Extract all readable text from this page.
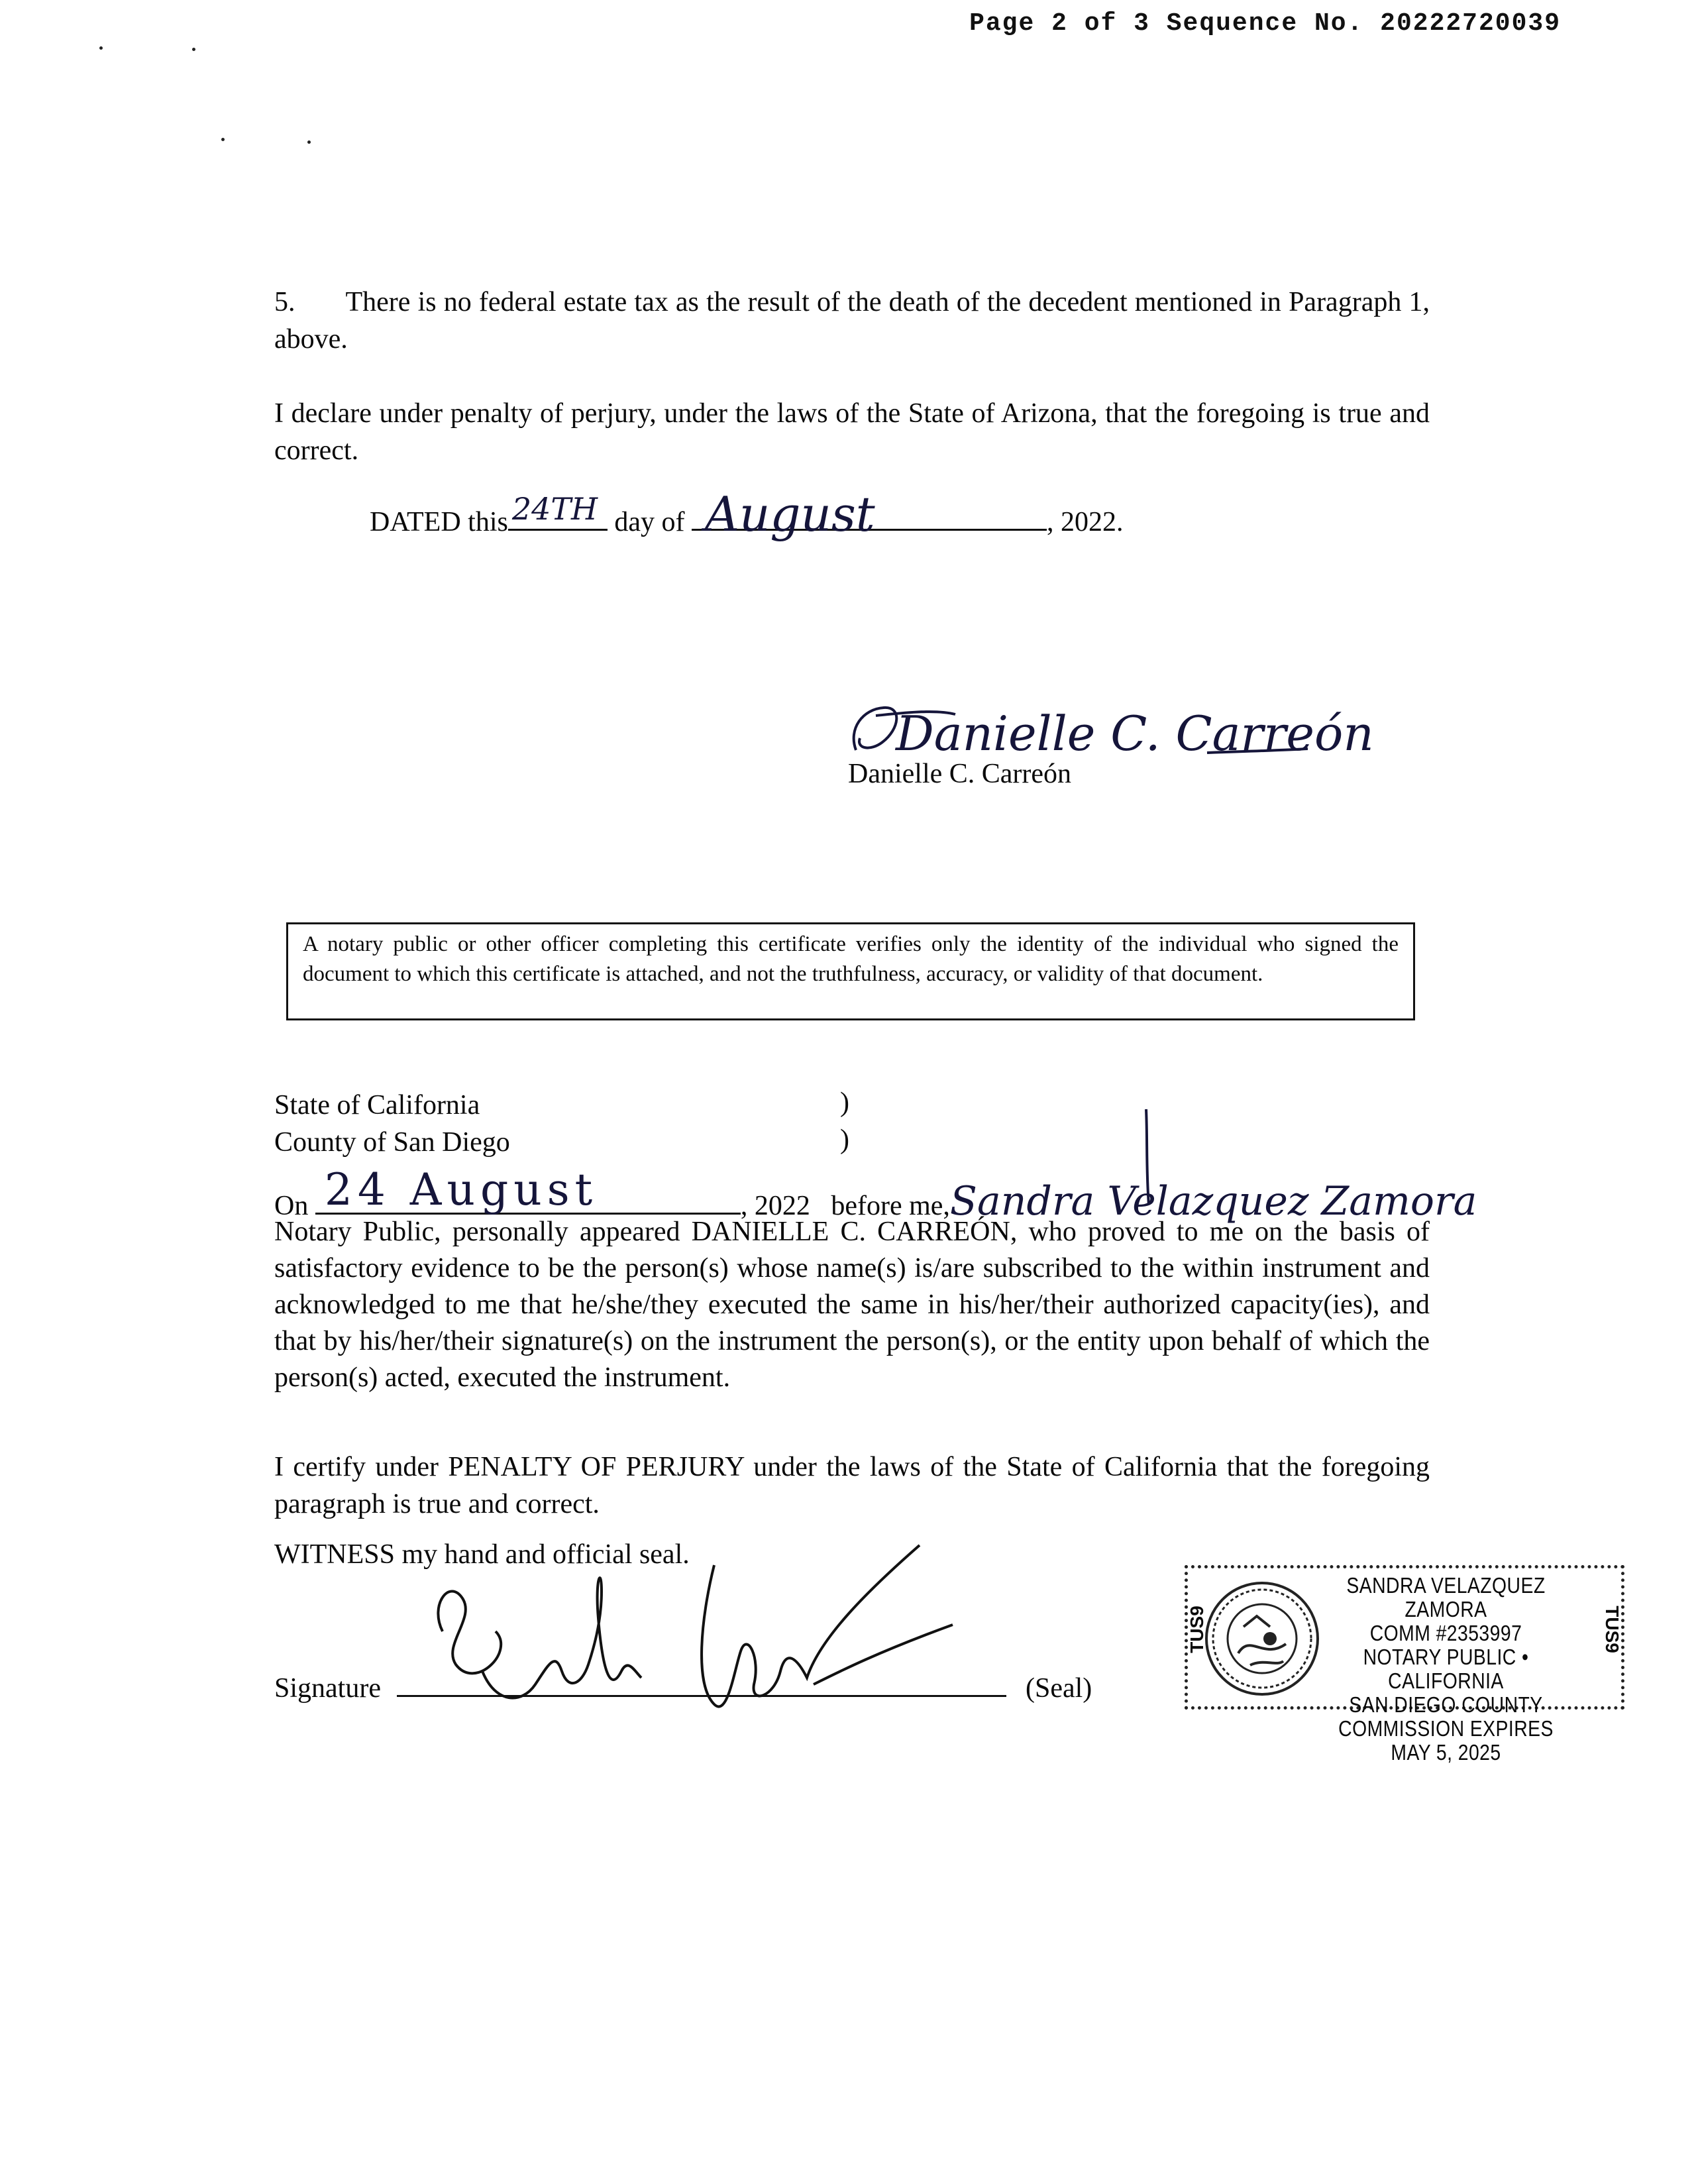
Page 2 of 3 Sequence No. 20222720039
5. There is no federal estate tax as the result of the death of the decedent mentioned in Paragraph 1, above.
I declare under penalty of perjury, under the laws of the State of Arizona, that the foregoing is true and correct.
DATED this 24TH day of August	, 2022.
Danielle C. Carreón
Danielle C. Carreón
A notary public or other officer completing this certificate verifies only the identity of the individual who signed the document to which this certificate is attached, and not the truthfulness, accuracy, or validity of that document.
State of California
County of San Diego
)
)
On 24 August	, 2022 before me,Sandra Velazquez Zamora
Notary Public, personally appeared DANIELLE C. CARREÓN, who proved to me on the basis of satisfactory evidence to be the person(s) whose name(s) is/are subscribed to the within instrument and acknowledged to me that he/she/they executed the same in his/her/their authorized capacity(ies), and that by his/her/their signature(s) on the instrument the person(s), or the entity upon behalf of which the person(s) acted, executed the instrument.
I certify under PENALTY OF PERJURY under the laws of the State of California that the foregoing paragraph is true and correct.
WITNESS my hand and official seal.
Signature	(Seal)
TUS9	TUS9
SANDRA VELAZQUEZ ZAMORA
COMM #2353997
NOTARY PUBLIC • CALIFORNIA
SAN DIEGO COUNTY
COMMISSION EXPIRES MAY 5, 2025
